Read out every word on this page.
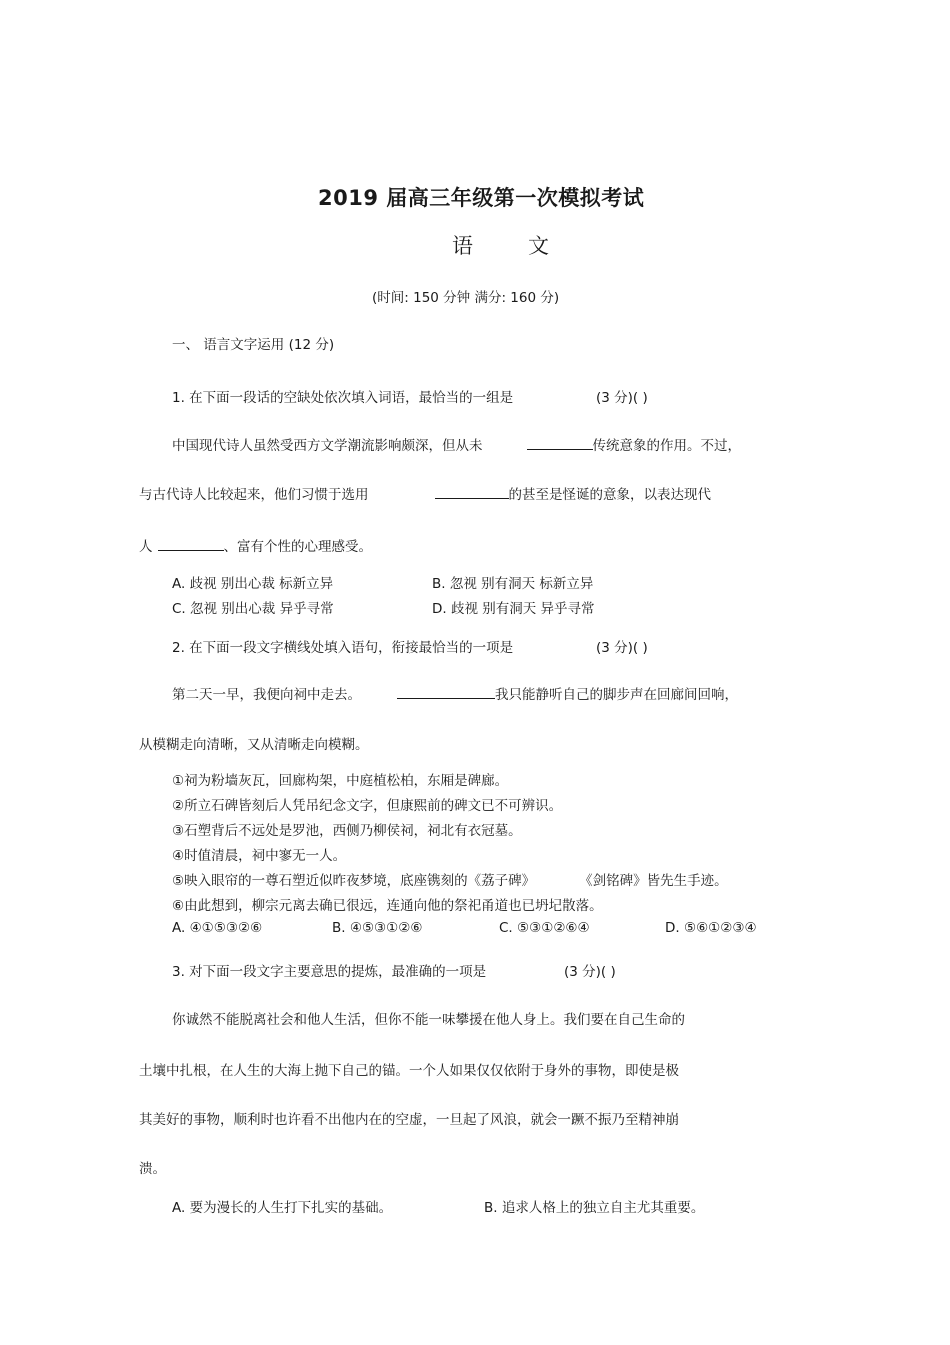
2019 届高三年级第一次模拟考试
语	文
(时间: 150 分钟 满分: 160 分)
一、 语言文字运用 (12 分)
1. 在下面一段话的空缺处依次填入词语，最恰当的一组是	(3 分)( )
中国现代诗人虽然受西方文学潮流影响颇深，但从未	传统意象的作用。不过，
与古代诗人比较起来，他们习惯于选用	的甚至是怪诞的意象，以表达现代
人	、富有个性的心理感受。
A. 歧视 别出心裁 标新立异	B. 忽视 别有洞天 标新立异
C. 忽视 别出心裁 异乎寻常	D. 歧视 别有洞天 异乎寻常
2. 在下面一段文字横线处填入语句，衔接最恰当的一项是	(3 分)( )
第二天一早，我便向祠中走去。	我只能静听自己的脚步声在回廊间回响，
从模糊走向清晰，又从清晰走向模糊。
①祠为粉墙灰瓦，回廊构架，中庭植松柏，东厢是碑廊。
②所立石碑皆刻后人凭吊纪念文字，但康熙前的碑文已不可辨识。
③石塑背后不远处是罗池，西侧乃柳侯祠，祠北有衣冠墓。
④时值清晨，祠中寥无一人。
⑤映入眼帘的一尊石塑近似昨夜梦境，底座镌刻的《荔子碑》	《剑铭碑》皆先生手迹。
⑥由此想到，柳宗元离去确已很远，连通向他的祭祀甬道也已坍圮散落。
A. ④①⑤③②⑥	B. ④⑤③①②⑥	C. ⑤③①②⑥④	D. ⑤⑥①②③④
3. 对下面一段文字主要意思的提炼，最准确的一项是	(3 分)( )
你诚然不能脱离社会和他人生活，但你不能一味攀援在他人身上。我们要在自己生命的
土壤中扎根，在人生的大海上抛下自己的锚。一个人如果仅仅依附于身外的事物，即使是极
其美好的事物，顺利时也许看不出他内在的空虚，一旦起了风浪，就会一蹶不振乃至精神崩
溃。
A. 要为漫长的人生打下扎实的基础。	B. 追求人格上的独立自主尤其重要。
